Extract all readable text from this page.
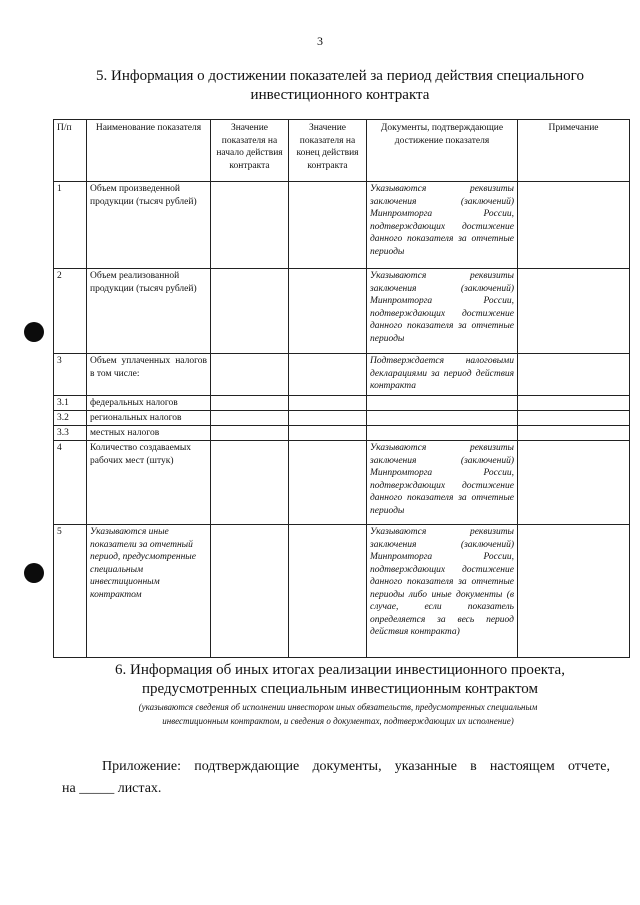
3
5. Информация о достижении показателей за период действия специального
инвестиционного контракта
П/п	Наименование показателя	Значение показателя на начало действия контракта	Значение показателя на конец действия контракта	Документы, подтверждающие достижение показателя	Примечание
1	Объем произведенной продукции (тысяч рублей)			Указываются реквизиты заключения (заключений) Минпромторга России, подтверждающих достижение данного показателя за отчетные периоды	
2	Объем реализованной продукции (тысяч рублей)			Указываются реквизиты заключения (заключений) Минпромторга России, подтверждающих достижение данного показателя за отчетные периоды	
3	Объем уплаченных налогов в том числе:			Подтверждается налоговыми декларациями за период действия контракта	
3.1	федеральных налогов				
3.2	региональных налогов				
3.3	местных налогов				
4	Количество создаваемых рабочих мест (штук)			Указываются реквизиты заключения (заключений) Минпромторга России, подтверждающих достижение данного показателя за отчетные периоды	
5	Указываются иные показатели за отчетный период, предусмотренные специальным инвестиционным контрактом			Указываются реквизиты заключения (заключений) Минпромторга России, подтверждающих достижение данного показателя за отчетные периоды либо иные документы (в случае, если показатель определяется за весь период действия контракта)	
6. Информация об иных итогах реализации инвестиционного проекта,
предусмотренных специальным инвестиционным контрактом
(указываются сведения об исполнении инвестором иных обязательств, предусмотренных специальным
инвестиционным контрактом, и сведения о документах, подтверждающих их исполнение)
Приложение: подтверждающие документы, указанные в настоящем отчете,
на _____ листах.
